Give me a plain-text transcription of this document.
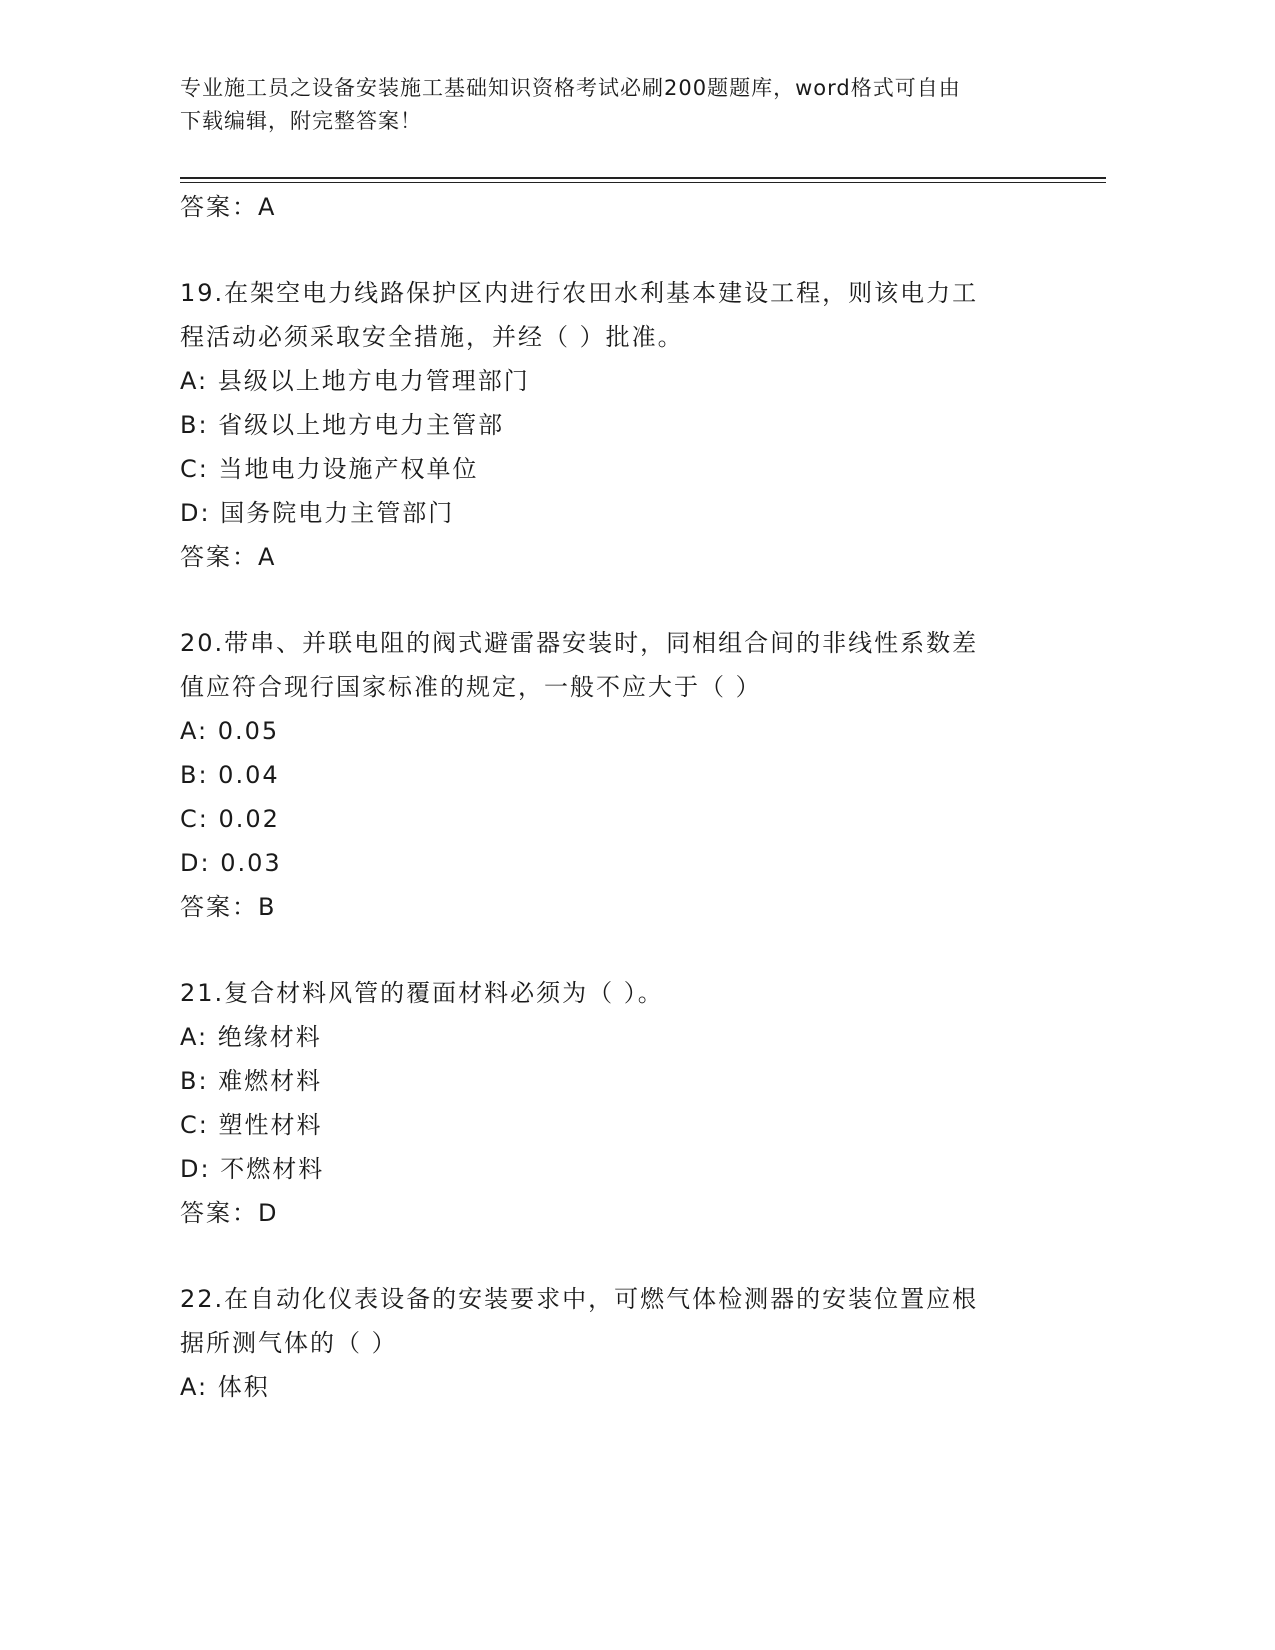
专业施工员之设备安装施工基础知识资格考试必刷200题题库，word格式可自由
下载编辑，附完整答案！
答案：A
19.在架空电力线路保护区内进行农田水利基本建设工程，则该电力工
程活动必须采取安全措施，并经（ ）批准。
A: 县级以上地方电力管理部门
B: 省级以上地方电力主管部
C: 当地电力设施产权单位
D: 国务院电力主管部门
答案：A
20.带串、并联电阻的阀式避雷器安装时，同相组合间的非线性系数差
值应符合现行国家标准的规定，一般不应大于（ ）
A: 0.05
B: 0.04
C: 0.02
D: 0.03
答案：B
21.复合材料风管的覆面材料必须为（ ）。
A: 绝缘材料
B: 难燃材料
C: 塑性材料
D: 不燃材料
答案：D
22.在自动化仪表设备的安装要求中，可燃气体检测器的安装位置应根
据所测气体的（ ）
A: 体积
